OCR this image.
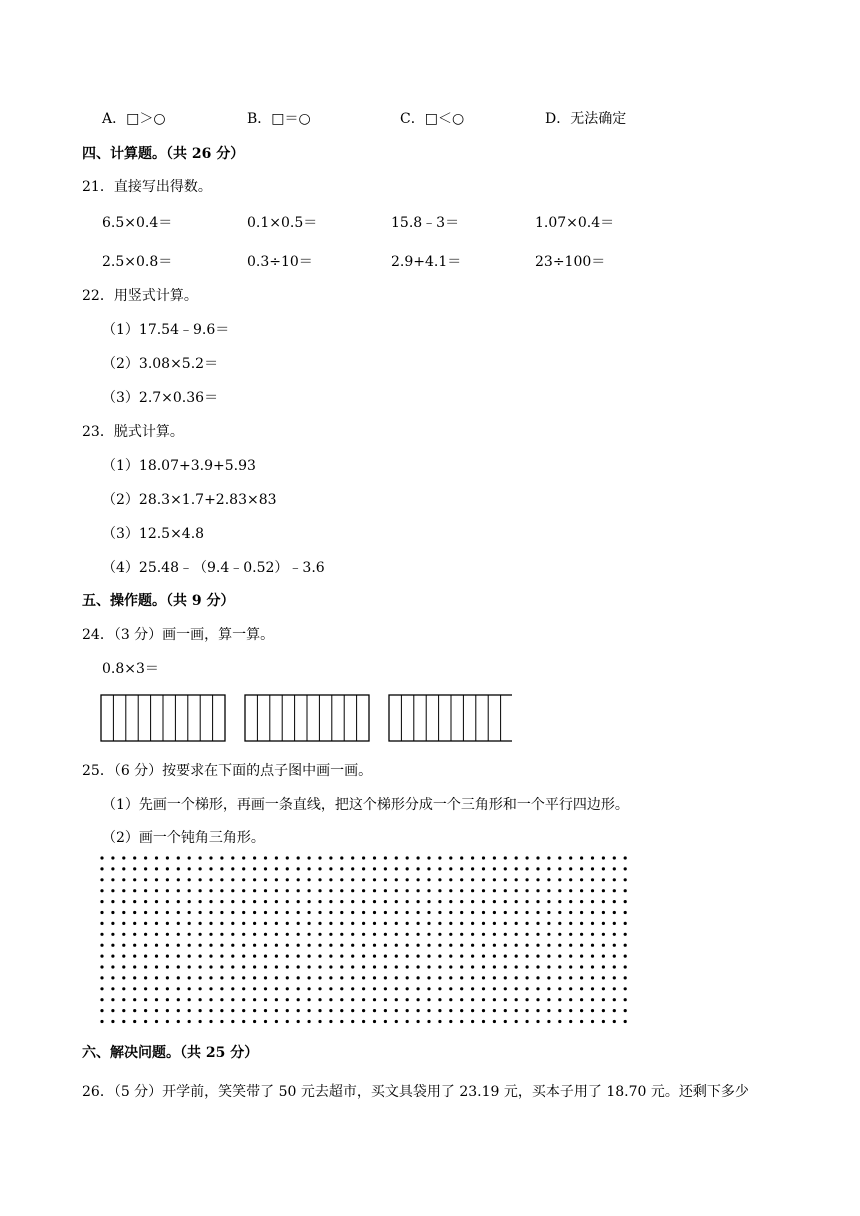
A．□＞○	B．□＝○	C．□＜○	D．无法确定
四、计算题。（共 26 分）
21．直接写出得数。
6.5×0.4＝	0.1×0.5＝	15.8﹣3＝	1.07×0.4＝
2.5×0.8＝	0.3÷10＝	2.9+4.1＝	23÷100＝
22．用竖式计算。
（1）17.54﹣9.6＝
（2）3.08×5.2＝
（3）2.7×0.36＝
23．脱式计算。
（1）18.07+3.9+5.93
（2）28.3×1.7+2.83×83
（3）12.5×4.8
（4）25.48﹣（9.4﹣0.52）﹣3.6
五、操作题。（共 9 分）
24．（3 分）画一画，算一算。
0.8×3＝
25．（6 分）按要求在下面的点子图中画一画。
（1）先画一个梯形，再画一条直线，把这个梯形分成一个三角形和一个平行四边形。
（2）画一个钝角三角形。
六、解决问题。（共 25 分）
26．（5 分）开学前，笑笑带了 50 元去超市，买文具袋用了 23.19 元，买本子用了 18.70 元。还剩下多少
